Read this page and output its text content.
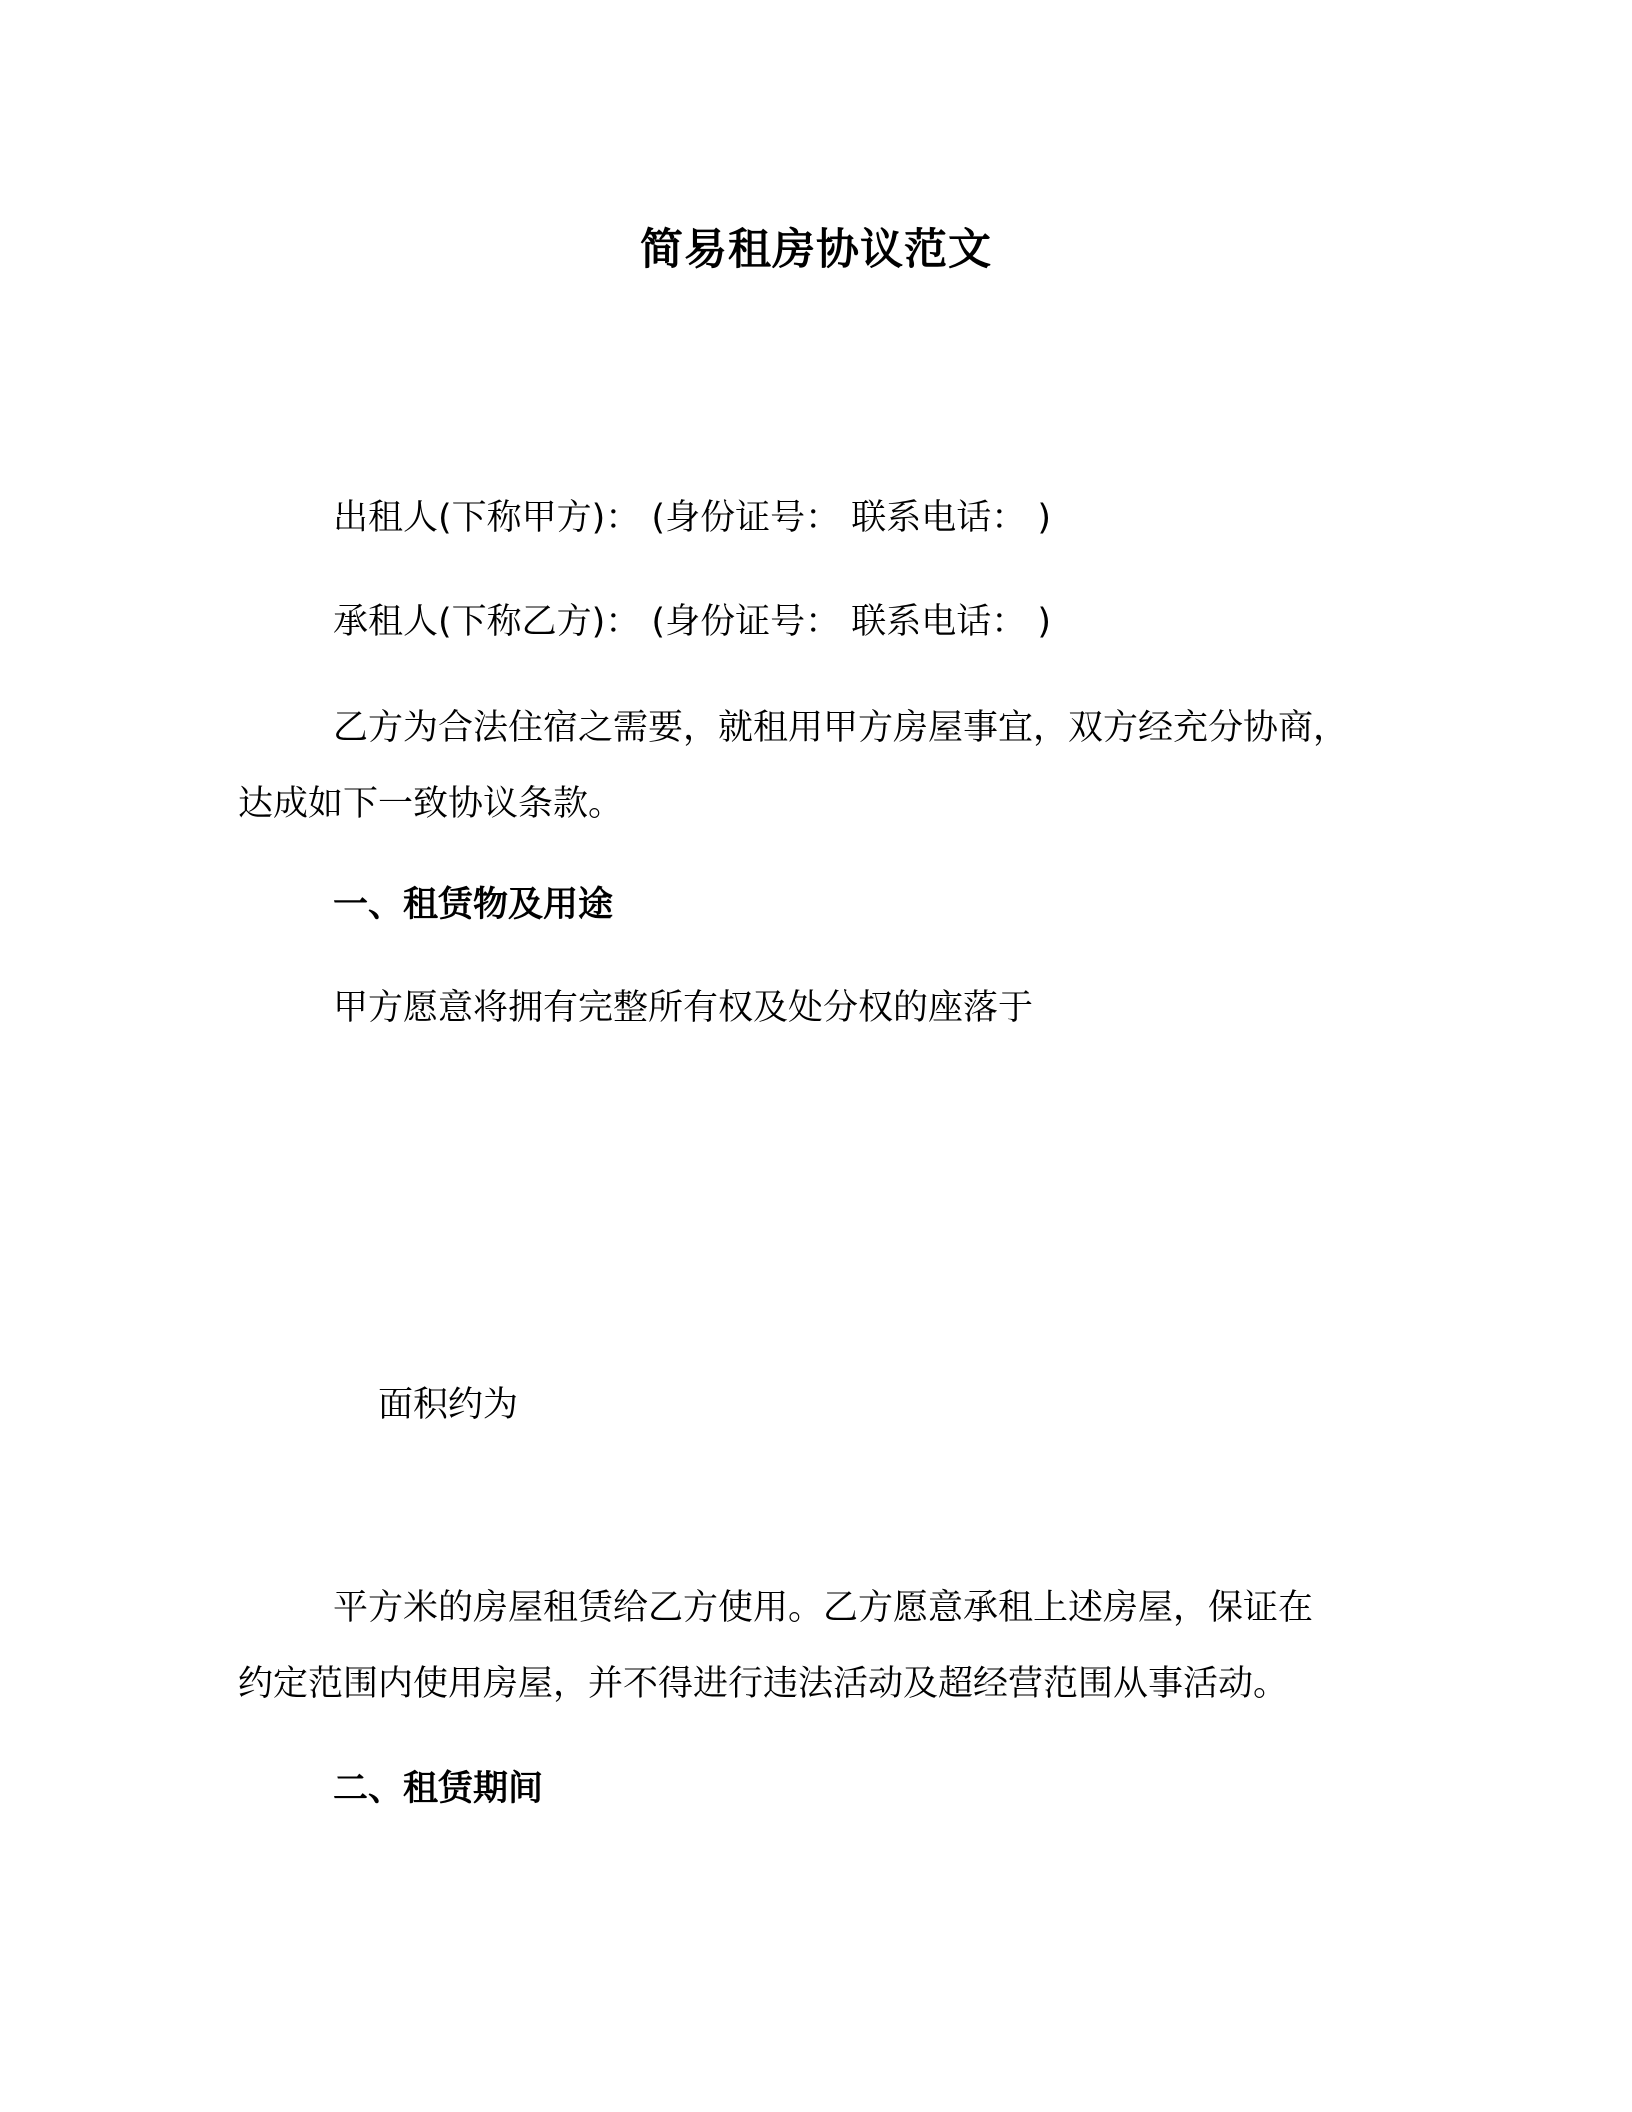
简易租房协议范文
出租人(下称甲方)： (身份证号： 联系电话： )
承租人(下称乙方)： (身份证号： 联系电话： )
乙方为合法住宿之需要，就租用甲方房屋事宜，双方经充分协商，
达成如下一致协议条款。
一、租赁物及用途
甲方愿意将拥有完整所有权及处分权的座落于
面积约为
平方米的房屋租赁给乙方使用。乙方愿意承租上述房屋，保证在
约定范围内使用房屋，并不得进行违法活动及超经营范围从事活动。
二、租赁期间
